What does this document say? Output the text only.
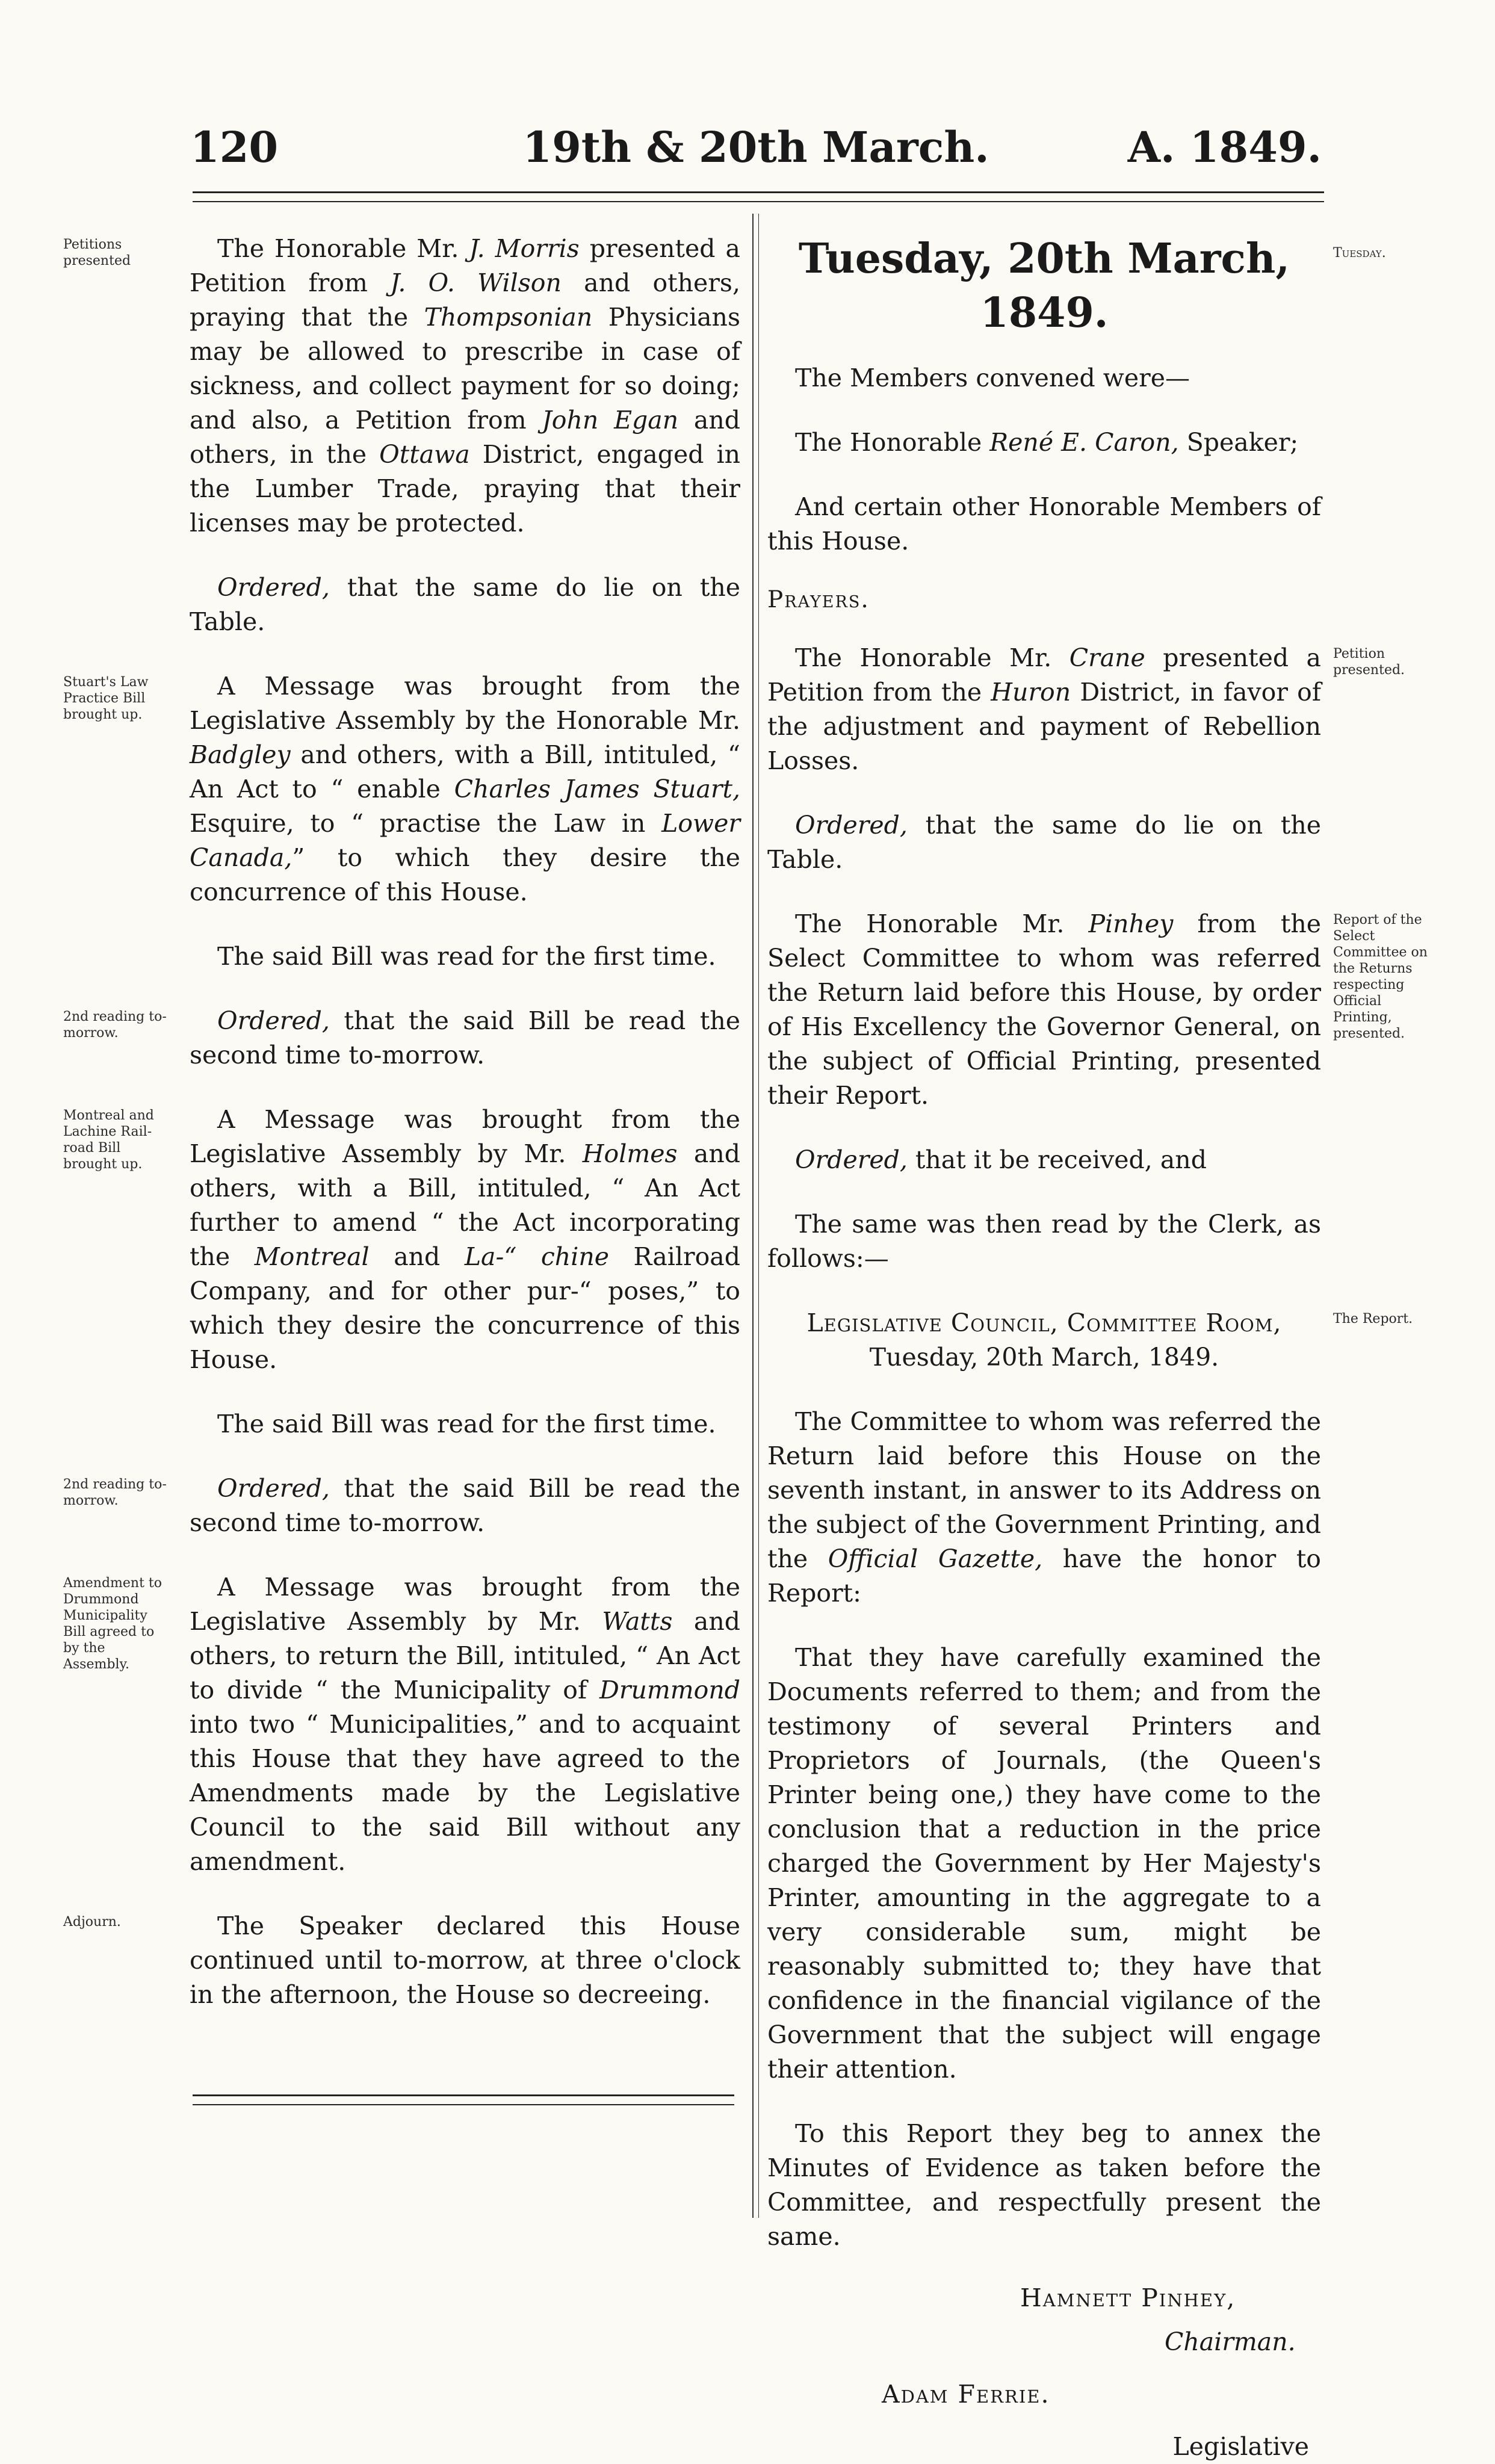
120	19th & 20th March.	A. 1849.

Petitions presented	The Honorable Mr. J. Morris presented a Petition from J. O. Wilson and others, praying that the Thompsonian Physicians may be allowed to prescribe in case of sickness, and collect payment for so doing; and also, a Petition from John Egan and others, in the Ottawa District, engaged in the Lumber Trade, praying that their licenses may be protected.

Ordered, that the same do lie on the Table.

Stuart's Law Practice Bill brought up.
A Message was brought from the Legislative Assembly by the Honorable Mr. Badgley and others, with a Bill, intituled, “ An Act to “ enable Charles James Stuart, Esquire, to “ practise the Law in Lower Canada,” to which they desire the concurrence of this House.

The said Bill was read for the first time.

2nd reading to-morrow.	Ordered, that the said Bill be read the second time to-morrow.

Montreal and Lachine Rail-road Bill brought up.
A Message was brought from the Legislative Assembly by Mr. Holmes and others, with a Bill, intituled, “ An Act further to amend “ the Act incorporating the Montreal and La-“ chine Railroad Company, and for other pur-“ poses,” to which they desire the concurrence of this House.

The said Bill was read for the first time.

2nd reading to-morrow.	Ordered, that the said Bill be read the second time to-morrow.

Amendment to Drummond Municipality Bill agreed to by the Assembly.
A Message was brought from the Legislative Assembly by Mr. Watts and others, to return the Bill, intituled, “ An Act to divide “ the Municipality of Drummond into two “ Municipalities,” and to acquaint this House that they have agreed to the Amendments made by the Legislative Council to the said Bill without any amendment.

Adjourn.	The Speaker declared this House continued until to-morrow, at three o'clock in the afternoon, the House so decreeing.

Tuesday, 20th March, 1849.
Tuesday.

The Members convened were—

The Honorable René E. Caron, Speaker;

And certain other Honorable Members of this House.

Prayers.

Petition presented.
The Honorable Mr. Crane presented a Petition from the Huron District, in favor of the adjustment and payment of Rebellion Losses.

Ordered, that the same do lie on the Table.

Report of the Select Committee on the Returns respecting Official Printing, presented.
The Honorable Mr. Pinhey from the Select Committee to whom was referred the Return laid before this House, by order of His Excellency the Governor General, on the subject of Official Printing, presented their Report.

Ordered, that it be received, and

The same was then read by the Clerk, as follows:—

The Report.
Legislative Council, Committee Room,
Tuesday, 20th March, 1849.

The Committee to whom was referred the Return laid before this House on the seventh instant, in answer to its Address on the subject of the Government Printing, and the Official Gazette, have the honor to Report:

That they have carefully examined the Documents referred to them; and from the testimony of several Printers and Proprietors of Journals, (the Queen's Printer being one,) they have come to the conclusion that a reduction in the price charged the Government by Her Majesty's Printer, amounting in the aggregate to a very considerable sum, might be reasonably submitted to; they have that confidence in the financial vigilance of the Government that the subject will engage their attention.

To this Report they beg to annex the Minutes of Evidence as taken before the Committee, and respectfully present the same.

Hamnett Pinhey,

Chairman.

Adam Ferrie.

Legislative
